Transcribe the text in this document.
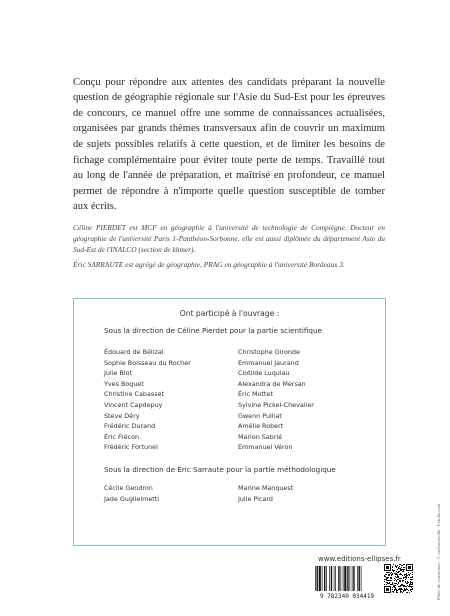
Conçu pour répondre aux attentes des candidats préparant la nouvelle question de géographie régionale sur l'Asie du Sud-Est pour les épreuves de concours, ce manuel offre une somme de connaissances actualisées, organisées par grands thèmes transversaux afin de couvrir un maximum de sujets possibles relatifs à cette question, et de limiter les besoins de fichage complémentaire pour éviter toute perte de temps. Travaillé tout au long de l'année de préparation, et maîtrisé en profondeur, ce manuel permet de répondre à n'importe quelle question susceptible de tomber aux écrits.

Céline PIERDET est MCF en géographie à l'université de technologie de Compiègne. Docteur en géographie de l'université Paris 1-Panthéon-Sorbonne, elle est aussi diplômée du département Asie du Sud-Est de l'INALCO (section de khmer).

Éric SARRAUTE est agrégé de géographie, PRAG en géographie à l'université Bordeaux 3.

Ont participé à l'ouvrage :
Sous la direction de Céline Pierdet pour la partie scientifique
Édouard de Bélizal
Sophie Boisseau du Rocher
Julie Blot
Yves Boquet
Christine Cabasset
Vincent Capdepuy
Steve Déry
Frédéric Durand
Éric Frécon
Frédéric Fortunel
Christophe Gironde
Emmanuel Jaurand
Clotilde Luquiau
Alexandra de Mersan
Éric Mottet
Sylvine Pickel-Chevalier
Gwenn Pulliat
Amélie Robert
Marion Sabrié
Emmanuel Véron
Sous la direction de Éric Sarraute pour la partie méthodologique
Cécile Gendron
Jade Guglielmetti
Marine Manquest
Julie Picard
www.editions-ellipses.fr
9 782340 034419	Photo de couverture : © carlosoarvilla - Fotolia.com
